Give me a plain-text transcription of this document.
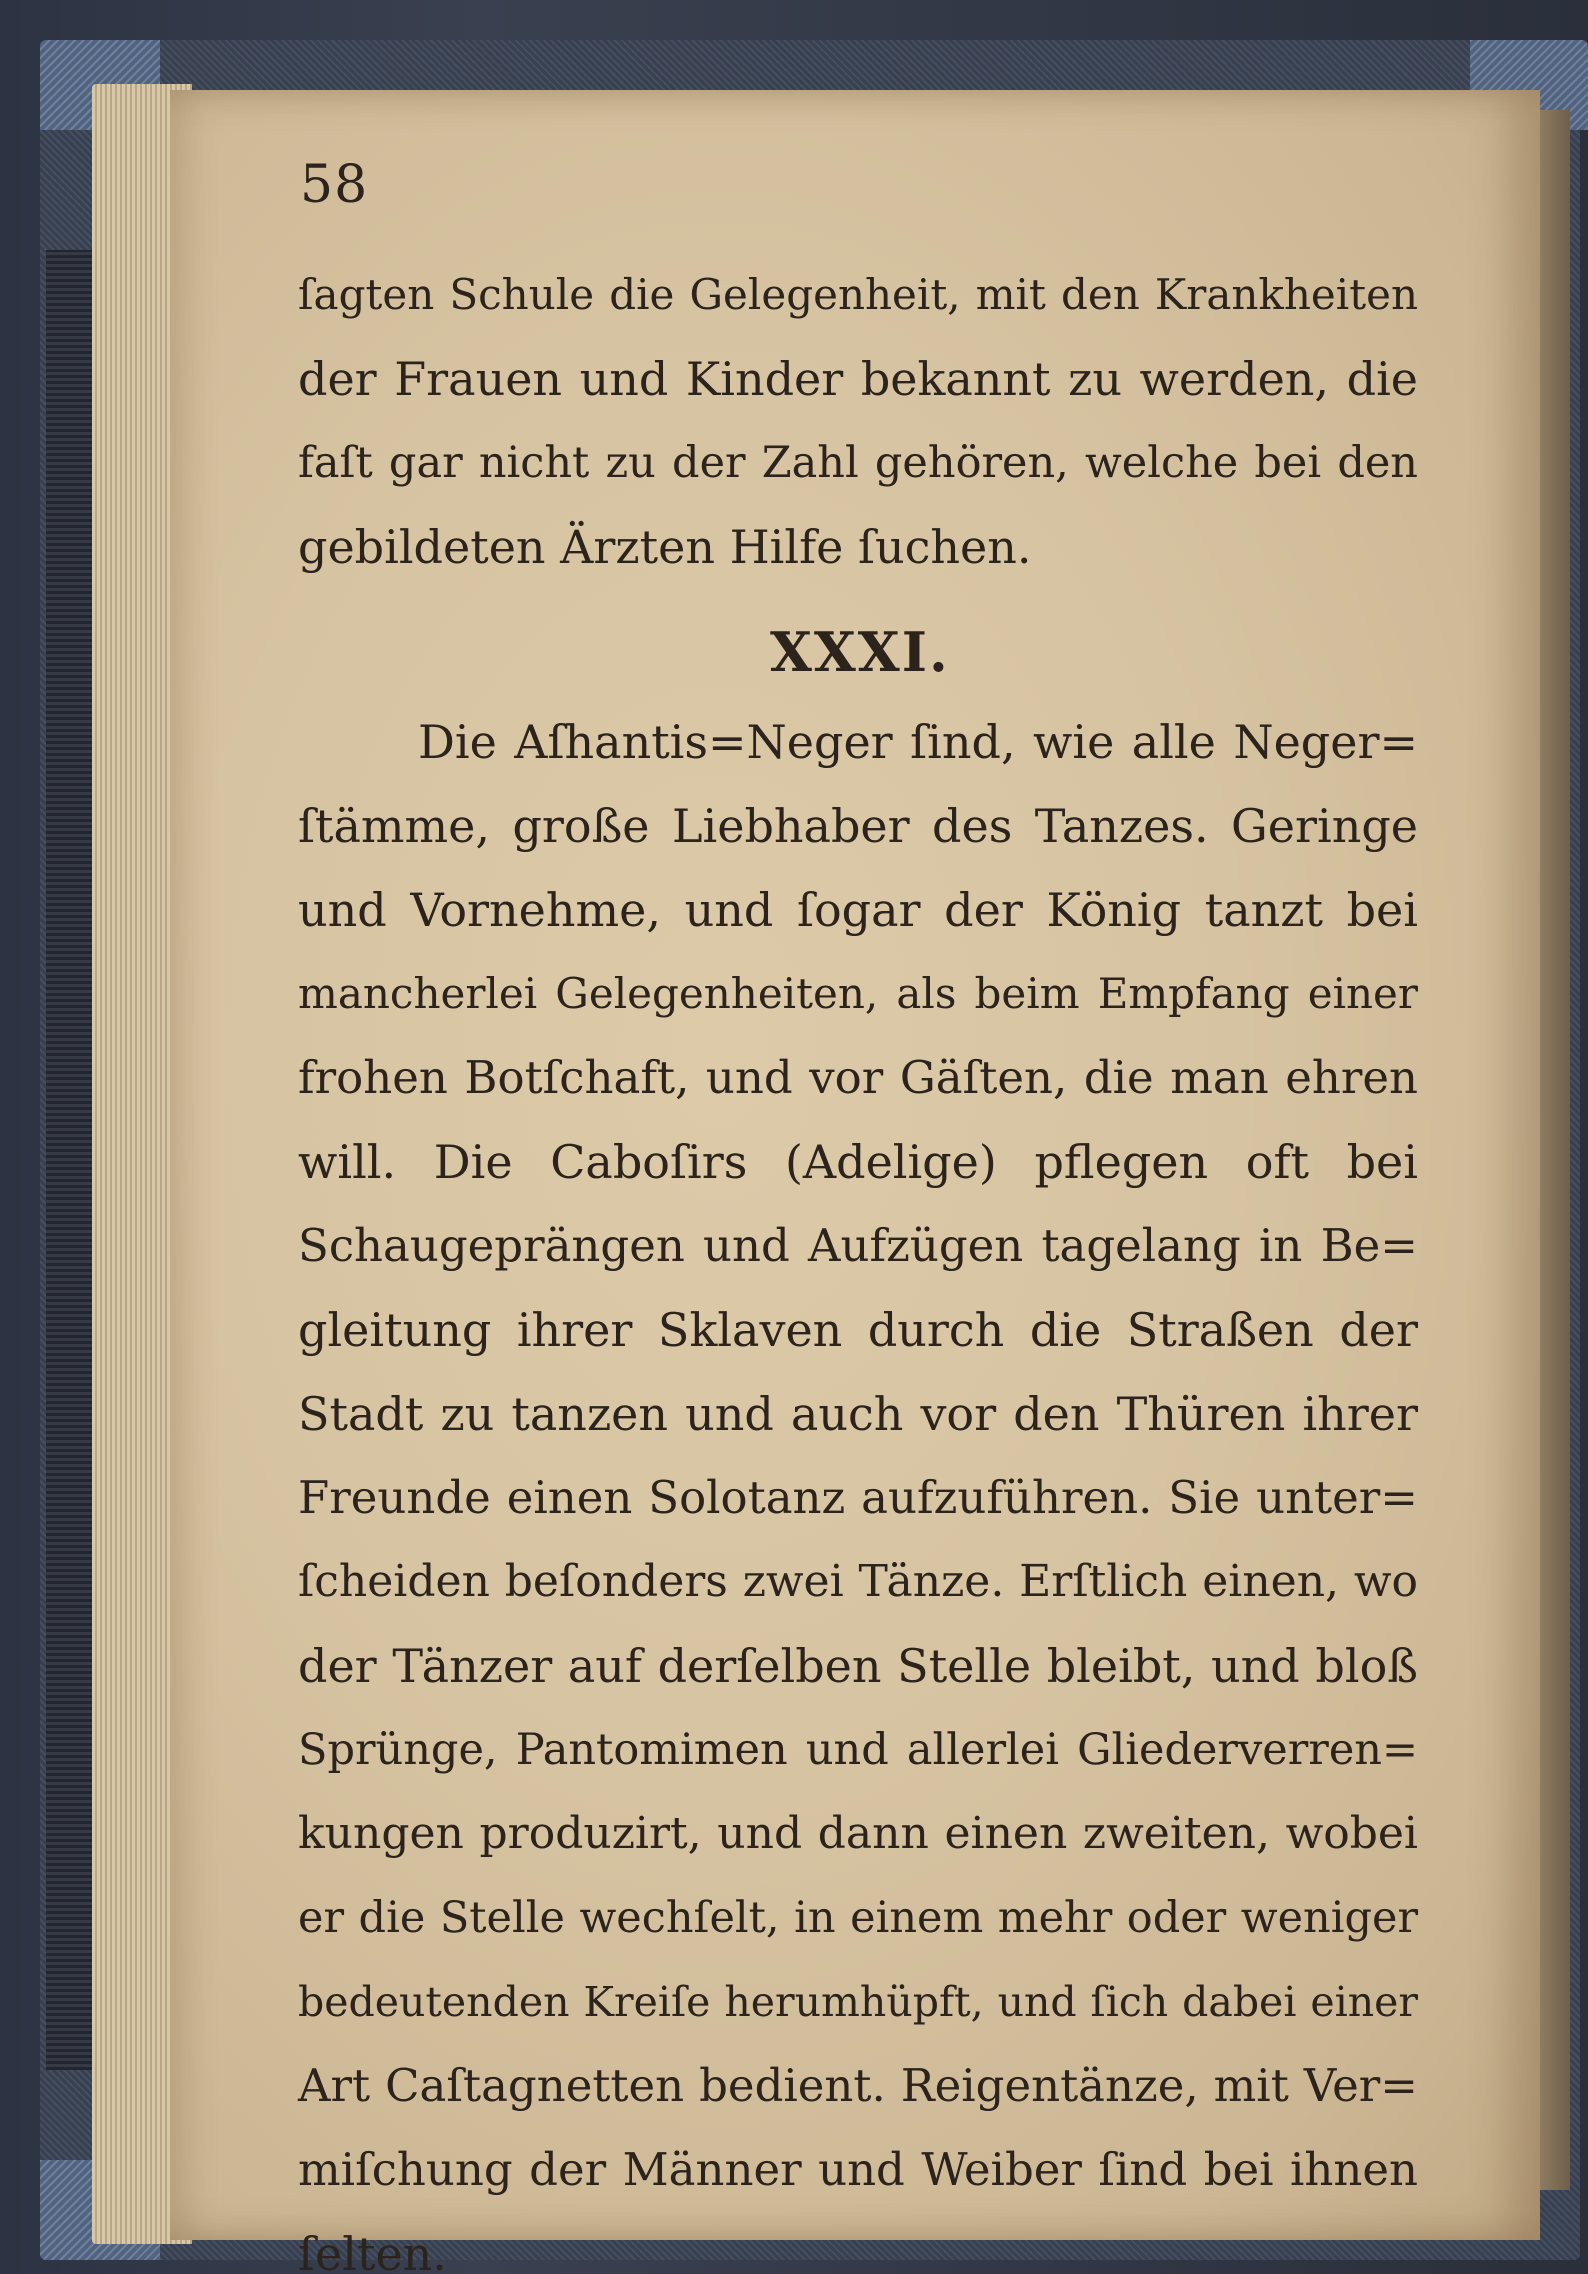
58
ſagten Schule die Gelegenheit, mit den Krankheiten
der Frauen und Kinder bekannt zu werden, die
faſt gar nicht zu der Zahl gehören, welche bei den
gebildeten Ärzten Hilfe ſuchen.
XXXI.
Die Aſhantis=Neger ſind, wie alle Neger=
ſtämme, große Liebhaber des Tanzes. Geringe
und Vornehme, und ſogar der König tanzt bei
mancherlei Gelegenheiten, als beim Empfang einer
frohen Botſchaft, und vor Gäſten, die man ehren
will. Die Caboſirs (Adelige) pflegen oft bei
Schaugeprängen und Aufzügen tagelang in Be=
gleitung ihrer Sklaven durch die Straßen der
Stadt zu tanzen und auch vor den Thüren ihrer
Freunde einen Solotanz aufzuführen. Sie unter=
ſcheiden beſonders zwei Tänze. Erſtlich einen, wo
der Tänzer auf derſelben Stelle bleibt, und bloß
Sprünge, Pantomimen und allerlei Gliederverren=
kungen produzirt, und dann einen zweiten, wobei
er die Stelle wechſelt, in einem mehr oder weniger
bedeutenden Kreiſe herumhüpft, und ſich dabei einer
Art Caſtagnetten bedient. Reigentänze, mit Ver=
miſchung der Männer und Weiber ſind bei ihnen
ſelten.
